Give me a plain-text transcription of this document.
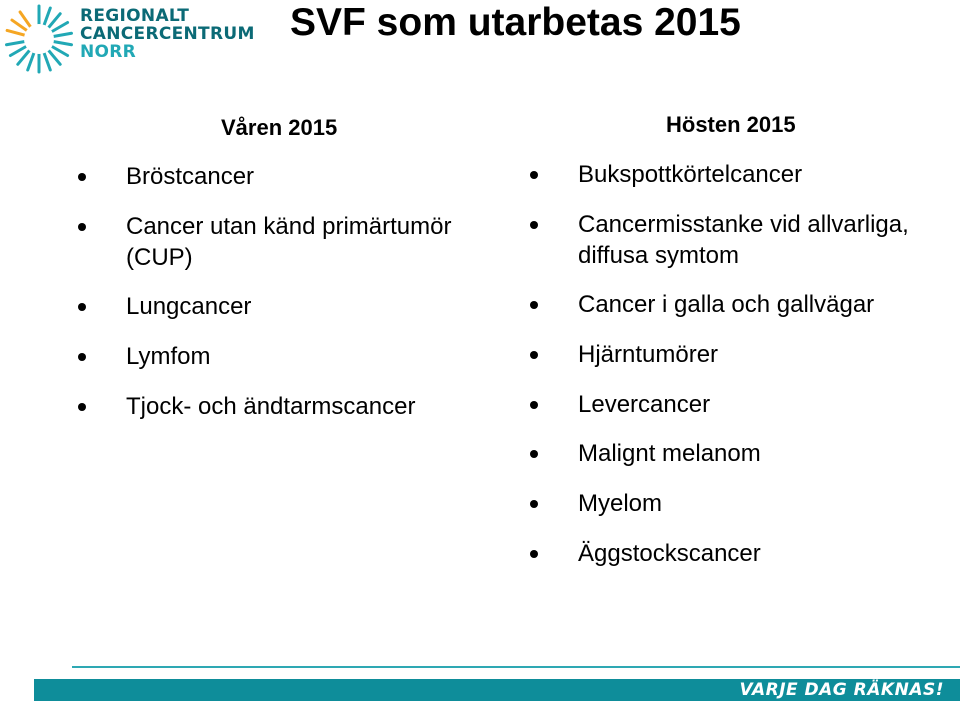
REGIONALT
CANCERCENTRUM
NORR
SVF som utarbetas 2015
Våren 2015
Bröstcancer
Cancer utan känd primärtumör
(CUP)
Lungcancer
Lymfom
Tjock- och ändtarmscancer
Hösten 2015
Bukspottkörtelcancer
Cancermisstanke vid allvarliga,
diffusa symtom
Cancer i galla och gallvägar
Hjärntumörer
Levercancer
Malignt melanom
Myelom
Äggstockscancer
VARJE DAG RÄKNAS!
